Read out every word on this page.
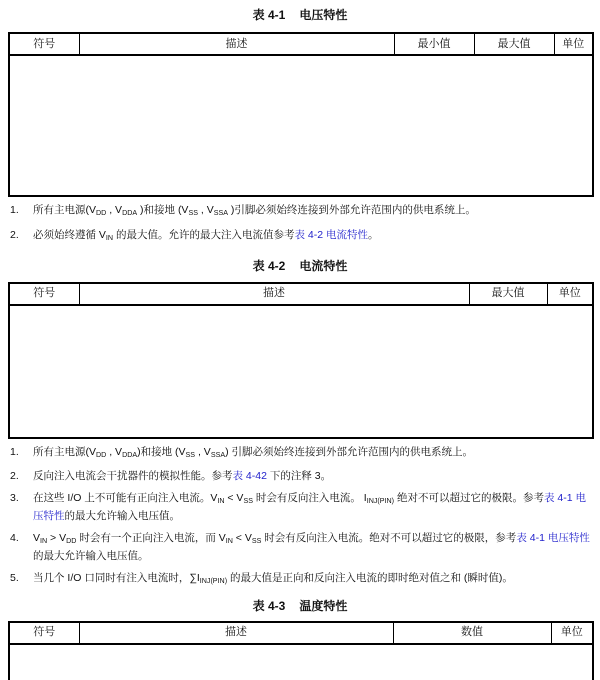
表 4-1 电压特性
符号	描述	最小值	最大值	单位

1.	所有主电源($V_{DD}$ , $V_{DDA}$ )和接地 ($V_{SS}$ , $V_{SSA}$ )引脚必须始终连接到外部允许范围内的供电系统上。
2.	必须始终遵循 $V_{IN}$ 的最大值。允许的最大注入电流值参考表 4-2 电流特性。
表 4-2 电流特性
符号	描述	最大值	单位

1.	所有主电源($V_{DD}$ , $V_{DDA}$)和接地 ($V_{SS}$ , $V_{SSA}$) 引脚必须始终连接到外部允许范围内的供电系统上。
2.	反向注入电流会干扰器件的模拟性能。参考表 4-42 下的注释 3。
3.	在这些 I/O 上不可能有正向注入电流。$V_{IN} < V_{SS}$ 时会有反向注入电流。 $I_{INJ(PIN)}$ 绝对不可以超过它的极限。参考表 4-1 电压特性的最大允许输入电压值。
4.	$V_{IN} > V_{DD}$ 时会有一个正向注入电流，而 $V_{IN} < V_{SS}$ 时会有反向注入电流。绝对不可以超过它的极限，参考表 4-1 电压特性的最大允许输入电压值。
5.	当几个 I/O 口同时有注入电流时，$\sum I_{INJ(PIN)}$ 的最大值是正向和反向注入电流的即时绝对值之和 (瞬时值)。
表 4-3 温度特性
符号	描述	数值	单位
